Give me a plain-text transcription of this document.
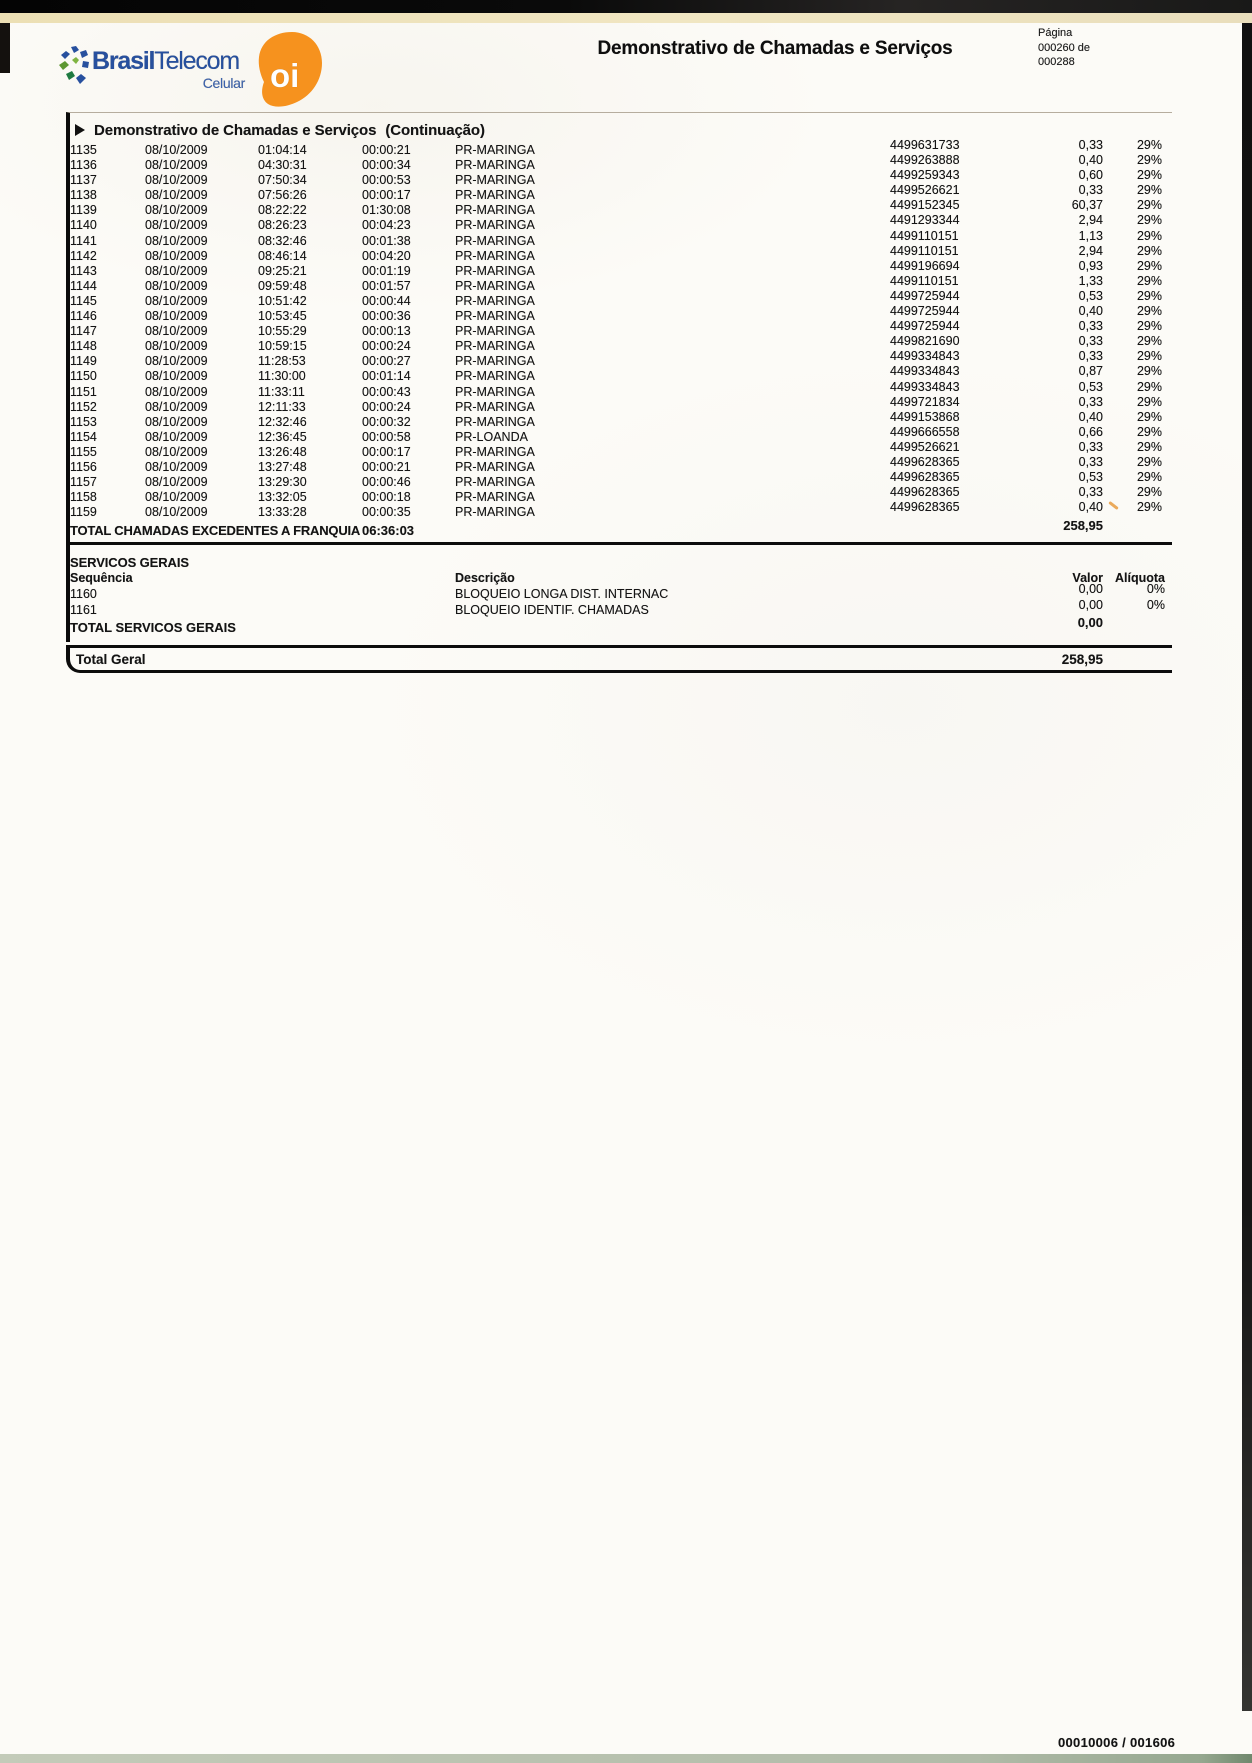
BrasilTelecom
Celular oi
Demonstrativo de Chamadas e Serviços
Página
000260 de
000288
Demonstrativo de Chamadas e Serviços (Continuação)
1135	08/10/2009	01:04:14	00:00:21	PR-MARINGA	4499631733	0,33	29%
1136	08/10/2009	04:30:31	00:00:34	PR-MARINGA	4499263888	0,40	29%
1137	08/10/2009	07:50:34	00:00:53	PR-MARINGA	4499259343	0,60	29%
1138	08/10/2009	07:56:26	00:00:17	PR-MARINGA	4499526621	0,33	29%
1139	08/10/2009	08:22:22	01:30:08	PR-MARINGA	4499152345	60,37	29%
1140	08/10/2009	08:26:23	00:04:23	PR-MARINGA	4491293344	2,94	29%
1141	08/10/2009	08:32:46	00:01:38	PR-MARINGA	4499110151	1,13	29%
1142	08/10/2009	08:46:14	00:04:20	PR-MARINGA	4499110151	2,94	29%
1143	08/10/2009	09:25:21	00:01:19	PR-MARINGA	4499196694	0,93	29%
1144	08/10/2009	09:59:48	00:01:57	PR-MARINGA	4499110151	1,33	29%
1145	08/10/2009	10:51:42	00:00:44	PR-MARINGA	4499725944	0,53	29%
1146	08/10/2009	10:53:45	00:00:36	PR-MARINGA	4499725944	0,40	29%
1147	08/10/2009	10:55:29	00:00:13	PR-MARINGA	4499725944	0,33	29%
1148	08/10/2009	10:59:15	00:00:24	PR-MARINGA	4499821690	0,33	29%
1149	08/10/2009	11:28:53	00:00:27	PR-MARINGA	4499334843	0,33	29%
1150	08/10/2009	11:30:00	00:01:14	PR-MARINGA	4499334843	0,87	29%
1151	08/10/2009	11:33:11	00:00:43	PR-MARINGA	4499334843	0,53	29%
1152	08/10/2009	12:11:33	00:00:24	PR-MARINGA	4499721834	0,33	29%
1153	08/10/2009	12:32:46	00:00:32	PR-MARINGA	4499153868	0,40	29%
1154	08/10/2009	12:36:45	00:00:58	PR-LOANDA	4499666558	0,66	29%
1155	08/10/2009	13:26:48	00:00:17	PR-MARINGA	4499526621	0,33	29%
1156	08/10/2009	13:27:48	00:00:21	PR-MARINGA	4499628365	0,33	29%
1157	08/10/2009	13:29:30	00:00:46	PR-MARINGA	4499628365	0,53	29%
1158	08/10/2009	13:32:05	00:00:18	PR-MARINGA	4499628365	0,33	29%
1159	08/10/2009	13:33:28	00:00:35	PR-MARINGA	4499628365	0,40	29%
TOTAL CHAMADAS EXCEDENTES A FRANQUIA 06:36:03	258,95
SERVICOS GERAIS
Sequência	Descrição	Valor Alíquota
1160	BLOQUEIO LONGA DIST. INTERNAC	0,00	0%
1161	BLOQUEIO IDENTIF. CHAMADAS	0,00	0%
TOTAL SERVICOS GERAIS	0,00
Total Geral	258,95
00010006 / 001606
